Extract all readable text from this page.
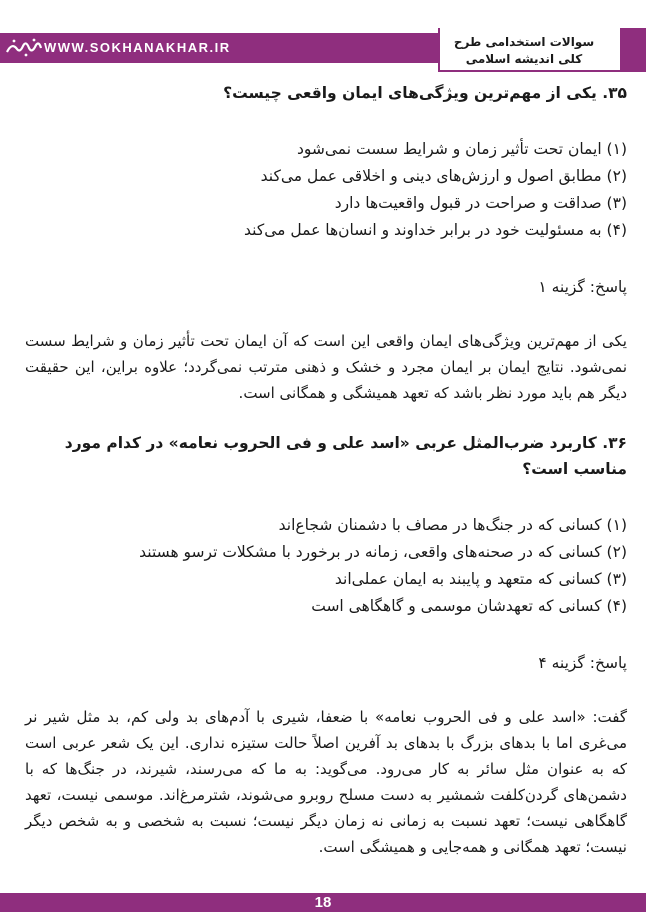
سوالات استخدامی طرح
کلی اندیشه اسلامی
WWW.SOKHANAKHAR.IR
۳۵. یکی از مهم‌ترین ویژگی‌های ایمان واقعی چیست؟
(۱) ایمان تحت تأثیر زمان و شرایط سست نمی‌شود
(۲) مطابق اصول و ارزش‌های دینی و اخلاقی عمل می‌کند
(۳) صداقت و صراحت در قبول واقعیت‌ها دارد
(۴) به مسئولیت خود در برابر خداوند و انسان‌ها عمل می‌کند
پاسخ: گزینه ۱
یکی از مهم‌ترین ویژگی‌های ایمان واقعی این است که آن ایمان تحت تأثیر زمان و شرایط سست نمی‌شود. نتایج ایمان بر ایمان مجرد و خشک و ذهنی مترتب نمی‌گردد؛ علاوه براین، این حقیقت دیگر هم باید مورد نظر باشد که تعهد همیشگی و همگانی است.
۳۶. کاربرد ضرب‌المثل عربی «اسد علی و فی الحروب نعامه» در کدام مورد مناسب است؟
(۱) کسانی که در جنگ‌ها در مصاف با دشمنان شجاع‌اند
(۲) کسانی که در صحنه‌های واقعی، زمانه در برخورد با مشکلات ترسو هستند
(۳) کسانی که متعهد و پایبند به ایمان عملی‌اند
(۴) کسانی که تعهدشان موسمی و گاهگاهی است
پاسخ: گزینه ۴
گفت: «اسد علی و فی الحروب نعامه» با ضعفا، شیری با آدم‌های بد ولی کم، بد مثل شیر نر می‌غری اما با بدهای بزرگ با بدهای بد آفرین اصلاً حالت ستیزه نداری. این یک شعر عربی است که به عنوان مثل سائر به کار می‌رود. می‌گوید: به ما که می‌رسند، شیرند، در جنگ‌ها که با دشمن‌های گردن‌کلفت شمشیر به دست مسلح روبرو می‌شوند، شترمرغ‌اند. موسمی نیست، تعهد گاهگاهی نیست؛ تعهد نسبت به زمانی نه زمان دیگر نیست؛ نسبت به شخصی و به شخص دیگر نیست؛ تعهد همگانی و همه‌جایی و همیشگی است.
18
